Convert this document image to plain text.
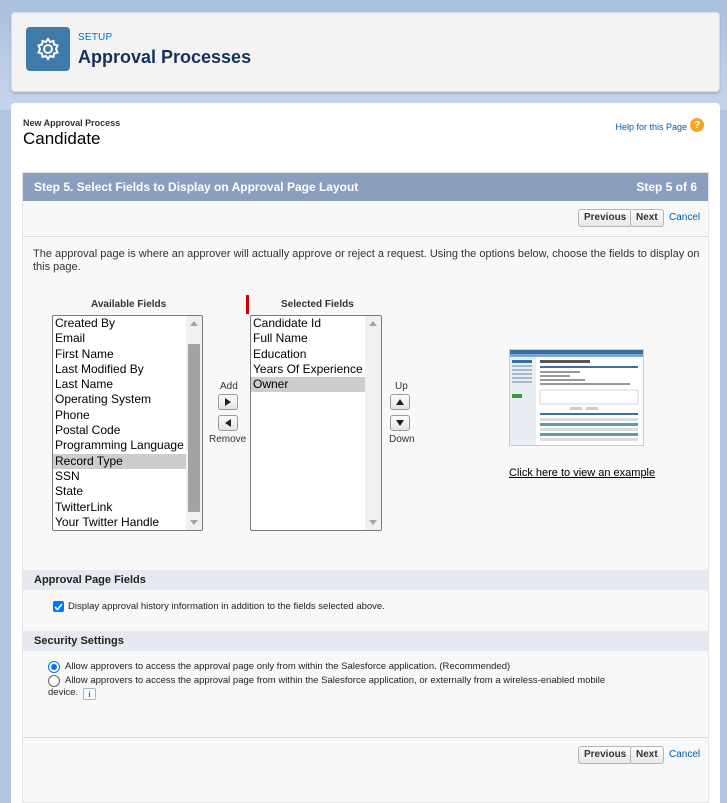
SETUP
Approval Processes
New Approval Process
Candidate
Help for this Page ?
Step 5. Select Fields to Display on Approval Page Layout	Step 5 of 6
Previous Next	Cancel
The approval page is where an approver will actually approve or reject a request. Using the options below, choose the fields to display on this page.
Available Fields
Created By
Email
First Name
Last Modified By
Last Name
Operating System
Phone
Postal Code
Programming Language
Record Type
SSN
State
TwitterLink
Your Twitter Handle
Add
Remove
Selected Fields
Candidate Id
Full Name
Education
Years Of Experience
Owner	Up
Down
Click here to view an example
Approval Page Fields
Display approval history information in addition to the fields selected above.
Security Settings
Allow approvers to access the approval page only from within the Salesforce application. (Recommended)
Allow approvers to access the approval page from within the Salesforce application, or externally from a wireless-enabled mobile
device.	i
Previous Next	Cancel
